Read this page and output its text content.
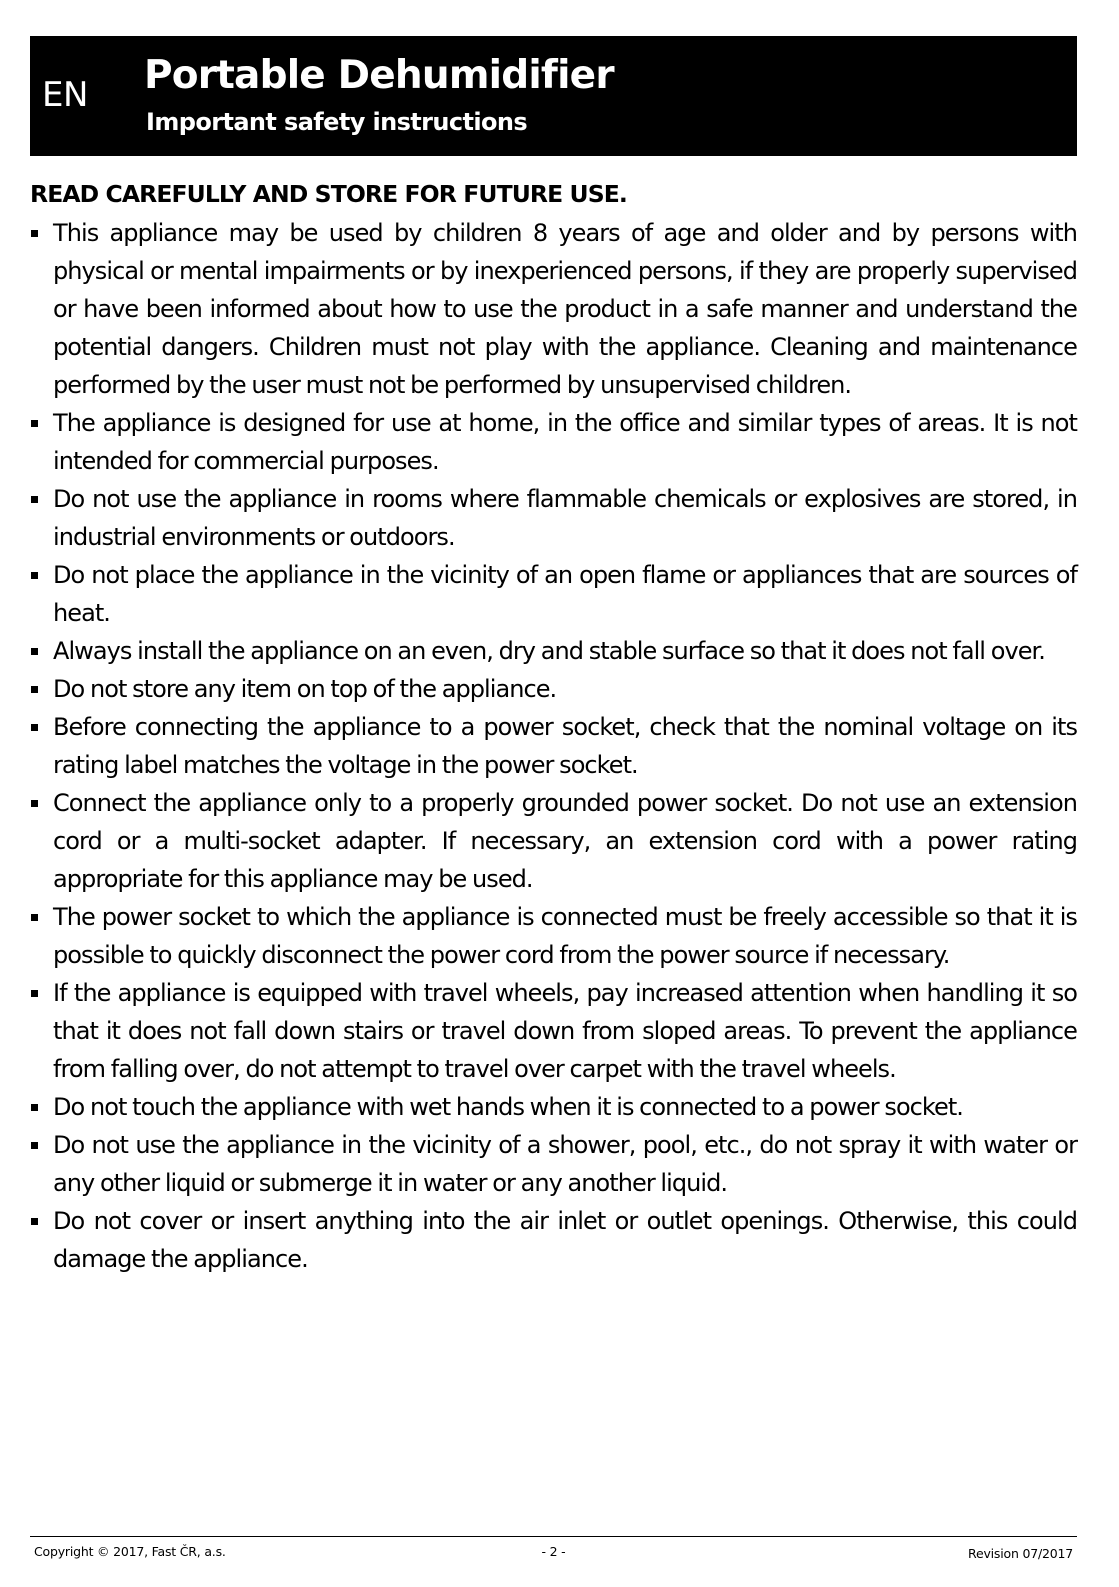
EN Portable Dehumidifier
Important safety instructions

READ CAREFULLY AND STORE FOR FUTURE USE.

This appliance may be used by children 8 years of age and older and by persons with physical or mental impairments or by inexperienced persons, if they are properly supervised or have been informed about how to use the product in a safe manner and understand the potential dangers. Children must not play with the appliance. Cleaning and maintenance performed by the user must not be performed by unsupervised children.
The appliance is designed for use at home, in the office and similar types of areas. It is not intended for commercial purposes.
Do not use the appliance in rooms where flammable chemicals or explosives are stored, in industrial environments or outdoors.
Do not place the appliance in the vicinity of an open flame or appliances that are sources of heat.
Always install the appliance on an even, dry and stable surface so that it does not fall over.
Do not store any item on top of the appliance.
Before connecting the appliance to a power socket, check that the nominal voltage on its rating label matches the voltage in the power socket.
Connect the appliance only to a properly grounded power socket. Do not use an extension cord or a multi-socket adapter. If necessary, an extension cord with a power rating appropriate for this appliance may be used.
The power socket to which the appliance is connected must be freely accessible so that it is possible to quickly disconnect the power cord from the power source if necessary.
If the appliance is equipped with travel wheels, pay increased attention when handling it so that it does not fall down stairs or travel down from sloped areas. To prevent the appliance from falling over, do not attempt to travel over carpet with the travel wheels.
Do not touch the appliance with wet hands when it is connected to a power socket.
Do not use the appliance in the vicinity of a shower, pool, etc., do not spray it with water or any other liquid or submerge it in water or any another liquid.
Do not cover or insert anything into the air inlet or outlet openings. Otherwise, this could damage the appliance.
Copyright © 2017, Fast ČR, a.s.	- 2 -	Revision 07/2017
